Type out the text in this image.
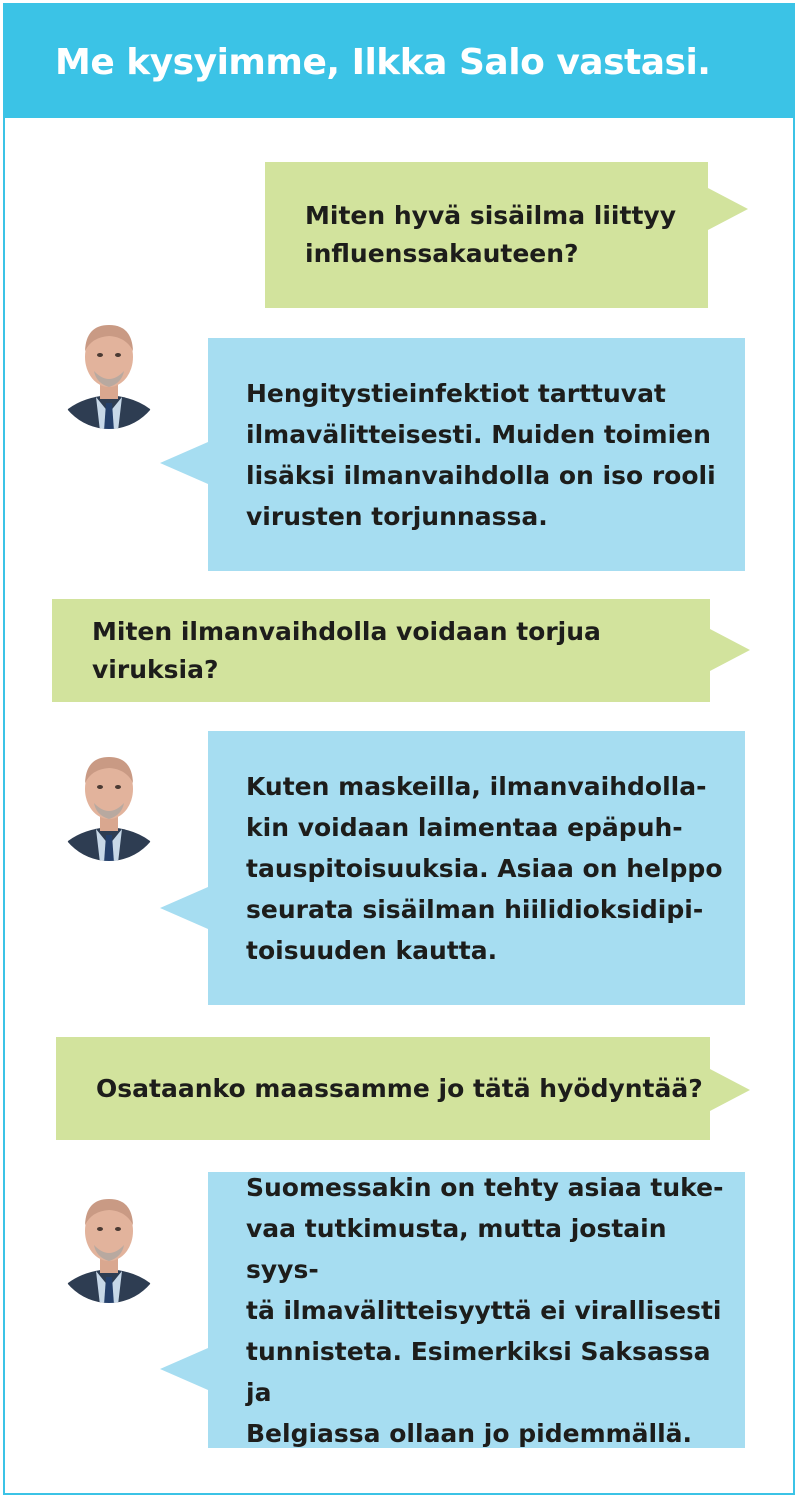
Me kysyimme, Ilkka Salo vastasi.
Miten hyvä sisäilma liittyy
influenssakauteen?
Hengitystieinfektiot tarttuvat
ilmavälitteisesti. Muiden toimien
lisäksi ilmanvaihdolla on iso rooli
virusten torjunnassa.
Miten ilmanvaihdolla voidaan torjua viruksia?
Kuten maskeilla, ilmanvaihdolla-
kin voidaan laimentaa epäpuh-
tauspitoisuuksia. Asiaa on helppo
seurata sisäilman hiilidioksidipi-
toisuuden kautta.
Osataanko maassamme jo tätä hyödyntää?
Suomessakin on tehty asiaa tuke-
vaa tutkimusta, mutta jostain syys-
tä ilmavälitteisyyttä ei virallisesti
tunnisteta. Esimerkiksi Saksassa ja
Belgiassa ollaan jo pidemmällä.
